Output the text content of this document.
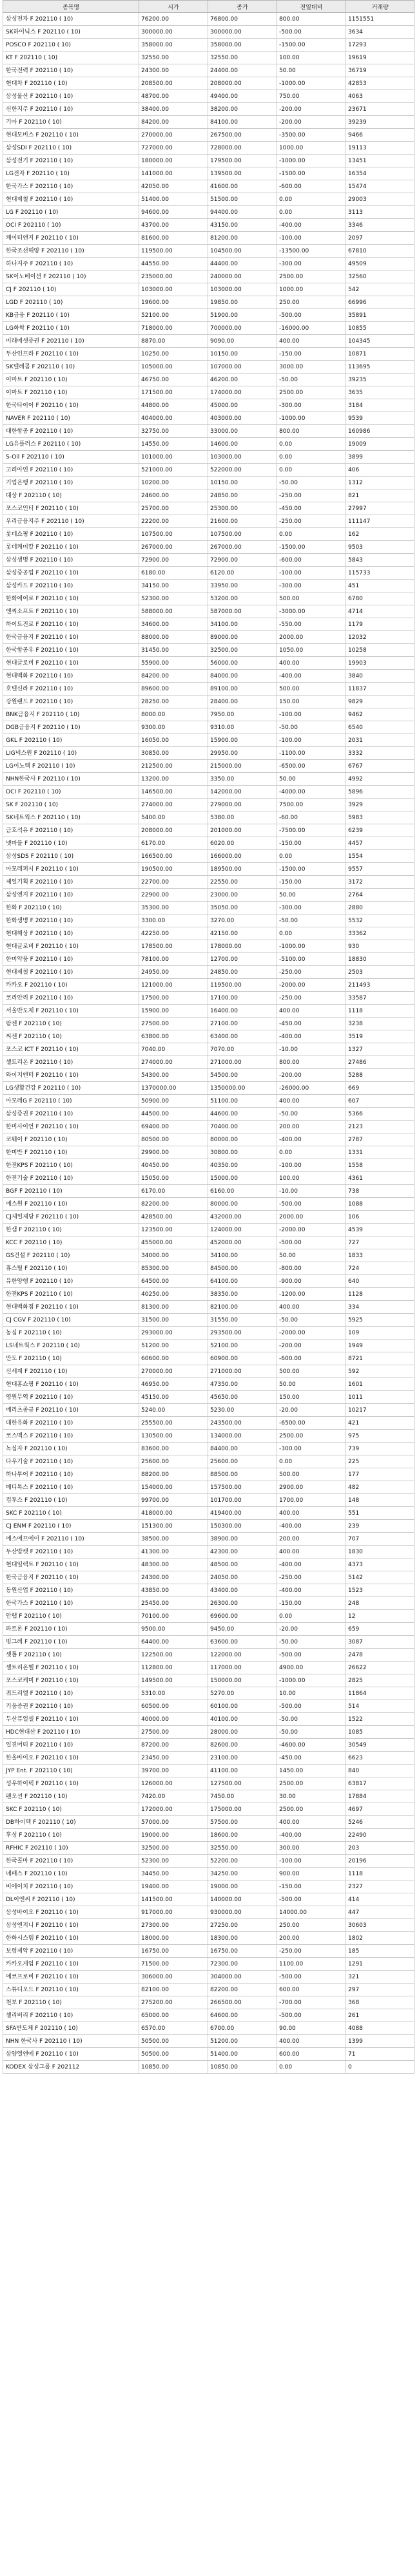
종목명	시가	종가	전일대비	거래량
삼성전자 F 202110 ( 10)	76200.00	76800.00	800.00	1151551
SK하이닉스 F 202110 ( 10)	300000.00	300000.00	-500.00	3634
POSCO F 202110 ( 10)	358000.00	358000.00	-1500.00	17293
KT F 202110 ( 10)	32550.00	32550.00	100.00	19619
한국전력 F 202110 ( 10)	24300.00	24400.00	50.00	36719
현대차 F 202110 ( 10)	208500.00	208000.00	-1000.00	42853
삼성물산 F 202110 ( 10)	48700.00	49400.00	750.00	4063
신한지주 F 202110 ( 10)	38400.00	38200.00	-200.00	23671
기아 F 202110 ( 10)	84200.00	84100.00	-200.00	39239
현대모비스 F 202110 ( 10)	270000.00	267500.00	-3500.00	9466
삼성SDI F 202110 ( 10)	727000.00	728000.00	1000.00	19113
삼성전기 F 202110 ( 10)	180000.00	179500.00	-1000.00	13451
LG전자 F 202110 ( 10)	141000.00	139500.00	-1500.00	16354
한국가스 F 202110 ( 10)	42050.00	41600.00	-600.00	15474
현대제철 F 202110 ( 10)	51400.00	51500.00	0.00	29003
LG F 202110 ( 10)	94600.00	94400.00	0.00	3113
OCI F 202110 ( 10)	43700.00	43150.00	-400.00	3346
케이티앤지 F 202110 ( 10)	81600.00	81200.00	-100.00	2097
한국조선해양 F 202110 ( 10)	119500.00	104500.00	-13500.00	67810
하나지주 F 202110 ( 10)	44550.00	44400.00	-300.00	49509
SK이노베이션 F 202110 ( 10)	235000.00	240000.00	2500.00	32560
CJ F 202110 ( 10)	103000.00	103000.00	1000.00	542
LGD F 202110 ( 10)	19600.00	19850.00	250.00	66996
KB금융 F 202110 ( 10)	52100.00	51900.00	-500.00	35891
LG화학 F 202110 ( 10)	718000.00	700000.00	-16000.00	10855
미래에셋증권 F 202110 ( 10)	8870.00	9090.00	400.00	104345
두산인프라 F 202110 ( 10)	10250.00	10150.00	-150.00	10871
SK텔레콤 F 202110 ( 10)	105000.00	107000.00	3000.00	113695
이마트 F 202110 ( 10)	46750.00	46200.00	-50.00	39235
이마트 F 202110 ( 10)	171500.00	174000.00	2500.00	3635
한국타이어 F 202110 ( 10)	44800.00	45000.00	-300.00	3184
NAVER F 202110 ( 10)	404000.00	403000.00	-1000.00	9539
대한항공 F 202110 ( 10)	32750.00	33000.00	800.00	160986
LG유플러스 F 202110 ( 10)	14550.00	14600.00	0.00	19009
S-Oil F 202110 ( 10)	101000.00	103000.00	0.00	3899
고려아연 F 202110 ( 10)	521000.00	522000.00	0.00	406
기업은행 F 202110 ( 10)	10200.00	10150.00	-50.00	1312
대상 F 202110 ( 10)	24600.00	24850.00	-250.00	821
포스코인터 F 202110 ( 10)	25700.00	25300.00	-450.00	27997
우리금융지주 F 202110 ( 10)	22200.00	21600.00	-250.00	111147
롯데쇼핑 F 202110 ( 10)	107500.00	107500.00	0.00	162
롯데케미칼 F 202110 ( 10)	267000.00	267000.00	-1500.00	9503
삼성생명 F 202110 ( 10)	72900.00	72900.00	-600.00	5843
삼성중공업 F 202110 ( 10)	6180.00	6120.00	-100.00	115733
삼성카드 F 202110 ( 10)	34150.00	33950.00	-300.00	451
한화에어로 F 202110 ( 10)	52300.00	53200.00	500.00	6780
엔씨소프트 F 202110 ( 10)	588000.00	587000.00	-3000.00	4714
하이트진로 F 202110 ( 10)	34600.00	34100.00	-550.00	1179
한국금융지 F 202110 ( 10)	88000.00	89000.00	2000.00	12032
한국항공우 F 202110 ( 10)	31450.00	32500.00	1050.00	10258
현대글로비 F 202110 ( 10)	55900.00	56000.00	400.00	19903
현대백화 F 202110 ( 10)	84200.00	84000.00	-400.00	3840
호텔신라 F 202110 ( 10)	89600.00	89100.00	500.00	11837
강원랜드 F 202110 ( 10)	28250.00	28400.00	150.00	9829
BNK금융지 F 202110 ( 10)	8000.00	7950.00	-100.00	9462
DGB금융지 F 202110 ( 10)	9300.00	9310.00	-50.00	6540
GKL F 202110 ( 10)	16050.00	15900.00	-100.00	2031
LIG넥스원 F 202110 ( 10)	30850.00	29950.00	-1100.00	3332
LG이노텍 F 202110 ( 10)	212500.00	215000.00	-6500.00	6767
NHN한국사 F 202110 ( 10)	13200.00	3350.00	50.00	4992
OCI F 202110 ( 10)	146500.00	142000.00	-4000.00	5896
SK F 202110 ( 10)	274000.00	279000.00	7500.00	3929
SK네트웍스 F 202110 ( 10)	5400.00	5380.00	-60.00	5983
금호석유 F 202110 ( 10)	208000.00	201000.00	-7500.00	6239
넷마블 F 202110 ( 10)	6170.00	6020.00	-150.00	4457
삼성SDS F 202110 ( 10)	166500.00	166000.00	0.00	1554
아모레퍼시 F 202110 ( 10)	190500.00	189500.00	-1500.00	9557
제일기획 F 202110 ( 10)	22700.00	22550.00	-150.00	3172
삼성엔지 F 202110 ( 10)	22900.00	23000.00	50.00	2764
한화 F 202110 ( 10)	35300.00	35050.00	-300.00	2880
한화생명 F 202110 ( 10)	3300.00	3270.00	-50.00	5532
현대해상 F 202110 ( 10)	42250.00	42150.00	0.00	33362
현대글로비 F 202110 ( 10)	178500.00	178000.00	-1000.00	930
한미약품 F 202110 ( 10)	78100.00	12700.00	-5100.00	18830
현대제철 F 202110 ( 10)	24950.00	24850.00	-250.00	2503
카카오 F 202110 ( 10)	121000.00	119500.00	-2000.00	211493
코리안리 F 202110 ( 10)	17500.00	17100.00	-250.00	33587
서울반도체 F 202110 ( 10)	15900.00	16400.00	400.00	1118
팜젠 F 202110 ( 10)	27500.00	27100.00	-450.00	3238
씨젠 F 202110 ( 10)	63800.00	63400.00	-400.00	3519
포스코 ICT F 202110 ( 10)	7040.00	7070.00	-10.00	1327
셀트리온 F 202110 ( 10)	274000.00	271000.00	800.00	27486
와이지엔터 F 202110 ( 10)	54300.00	54500.00	-200.00	5288
LG생활건강 F 202110 ( 10)	1370000.00	1350000.00	-26000.00	669
아모레G F 202110 ( 10)	50900.00	51100.00	400.00	607
삼성증권 F 202110 ( 10)	44500.00	44600.00	-50.00	5366
한미사이언 F 202110 ( 10)	69400.00	70400.00	200.00	2123
코웨이 F 202110 ( 10)	80500.00	80000.00	-400.00	2787
한미반 F 202110 ( 10)	29900.00	30800.00	0.00	1331
한전KPS F 202110 ( 10)	40450.00	40350.00	-100.00	1558
한전기술 F 202110 ( 10)	15050.00	15000.00	100.00	4361
BGF F 202110 ( 10)	6170.00	6160.00	-10.00	738
에스원 F 202110 ( 10)	82200.00	80000.00	-500.00	1088
CJ제일제당 F 202110 ( 10)	428500.00	432000.00	2000.00	106
한샘 F 202110 ( 10)	123500.00	124000.00	-2000.00	4539
KCC F 202110 ( 10)	455000.00	452000.00	-500.00	727
GS건설 F 202110 ( 10)	34000.00	34100.00	50.00	1833
휴스틸 F 202110 ( 10)	85300.00	84500.00	-800.00	724
유한양행 F 202110 ( 10)	64500.00	64100.00	-900.00	640
한전KPS F 202110 ( 10)	40250.00	38350.00	-1200.00	1128
현대백화점 F 202110 ( 10)	81300.00	82100.00	400.00	334
CJ CGV F 202110 ( 10)	31500.00	31550.00	-50.00	5925
농심 F 202110 ( 10)	293000.00	293500.00	-2000.00	109
LS네트웍스 F 202110 ( 10)	51200.00	52100.00	-200.00	1949
만도 F 202110 ( 10)	60600.00	60900.00	-600.00	8721
신세계 F 202110 ( 10)	270000.00	271000.00	500.00	592
현대홈쇼핑 F 202110 ( 10)	46950.00	47350.00	50.00	1601
영원무역 F 202110 ( 10)	45150.00	45650.00	150.00	1011
메리츠종금 F 202110 ( 10)	5240.00	5230.00	-20.00	10217
대한유화 F 202110 ( 10)	255500.00	243500.00	-6500.00	421
코스맥스 F 202110 ( 10)	130500.00	134000.00	2500.00	975
녹십자 F 202110 ( 10)	83600.00	84400.00	-300.00	739
다우기술 F 202110 ( 10)	25600.00	25600.00	0.00	225
하나투어 F 202110 ( 10)	88200.00	88500.00	500.00	177
메디톡스 F 202110 ( 10)	154000.00	157500.00	2900.00	482
컴투스 F 202110 ( 10)	99700.00	101700.00	1700.00	148
SKC F 202110 ( 10)	418000.00	419400.00	400.00	551
CJ ENM F 202110 ( 10)	151300.00	150300.00	-400.00	239
에스에프에이 F 202110 ( 10)	38500.00	38900.00	200.00	707
두산밥캣 F 202110 ( 10)	41300.00	42300.00	400.00	1830
현대일렉트 F 202110 ( 10)	48300.00	48500.00	-400.00	4373
한국금융지 F 202110 ( 10)	24300.00	24050.00	-250.00	5142
동원산업 F 202110 ( 10)	43850.00	43400.00	-400.00	1523
한국가스 F 202110 ( 10)	25450.00	26300.00	-150.00	248
안랩 F 202110 ( 10)	70100.00	69600.00	0.00	12
파트론 F 202110 ( 10)	9500.00	9450.00	-20.00	659
빙그레 F 202110 ( 10)	64400.00	63600.00	-50.00	3087
셋톱 F 202110 ( 10)	122500.00	122000.00	-500.00	2478
셀트리온헬 F 202110 ( 10)	112800.00	117000.00	4900.00	26622
포스코케미 F 202110 ( 10)	149500.00	150000.00	-1000.00	2825
쿼드리엘 F 202110 ( 10)	5310.00	5270.00	10.00	11864
키움증권 F 202110 ( 10)	60500.00	60100.00	-500.00	514
두산퓨얼셀 F 202110 ( 10)	40000.00	40100.00	-50.00	1522
HDC현대산 F 202110 ( 10)	27500.00	28000.00	-50.00	1085
일진머티 F 202110 ( 10)	87200.00	82600.00	-4600.00	30549
한올바이오 F 202110 ( 10)	23450.00	23100.00	-450.00	6623
JYP Ent. F 202110 ( 10)	39700.00	41100.00	1450.00	840
성우하이텍 F 202110 ( 10)	126000.00	127500.00	2500.00	63817
펜오션 F 202110 ( 10)	7420.00	7450.00	30.00	17884
SKC F 202110 ( 10)	172000.00	175000.00	2500.00	4697
DB하이텍 F 202110 ( 10)	57000.00	57500.00	400.00	5246
후성 F 202110 ( 10)	19000.00	18600.00	-400.00	22490
RFHIC F 202110 ( 10)	32500.00	32550.00	300.00	203
한국콜마 F 202110 ( 10)	52300.00	52200.00	-100.00	20196
네패스 F 202110 ( 10)	34450.00	34250.00	900.00	1118
비에이치 F 202110 ( 10)	19400.00	19000.00	-150.00	2327
DL이앤씨 F 202110 ( 10)	141500.00	140000.00	-500.00	414
삼성바이오 F 202110 ( 10)	917000.00	930000.00	14000.00	447
삼성엔지니 F 202110 ( 10)	27300.00	27250.00	250.00	30603
한화시스템 F 202110 ( 10)	18000.00	18300.00	200.00	1802
보령제약 F 202110 ( 10)	16750.00	16750.00	-250.00	185
카카오게임 F 202110 ( 10)	71500.00	72300.00	1100.00	1291
에코프로비 F 202110 ( 10)	306000.00	304000.00	-500.00	321
스튜디오드 F 202110 ( 10)	82100.00	82200.00	600.00	297
천보 F 202110 ( 10)	275200.00	266500.00	-700.00	368
셀리버리 F 202110 ( 10)	65000.00	64600.00	-500.00	261
SFA반도체 F 202110 ( 10)	6570.00	6700.00	90.00	4088
NHN 한국사 F 202110 ( 10)	50500.00	51200.00	400.00	1399
삼양엘앤에 F 202110 ( 10)	50500.00	51400.00	600.00	71
KODEX 삼성그룹 F 202112	10850.00	10850.00	0.00	0
